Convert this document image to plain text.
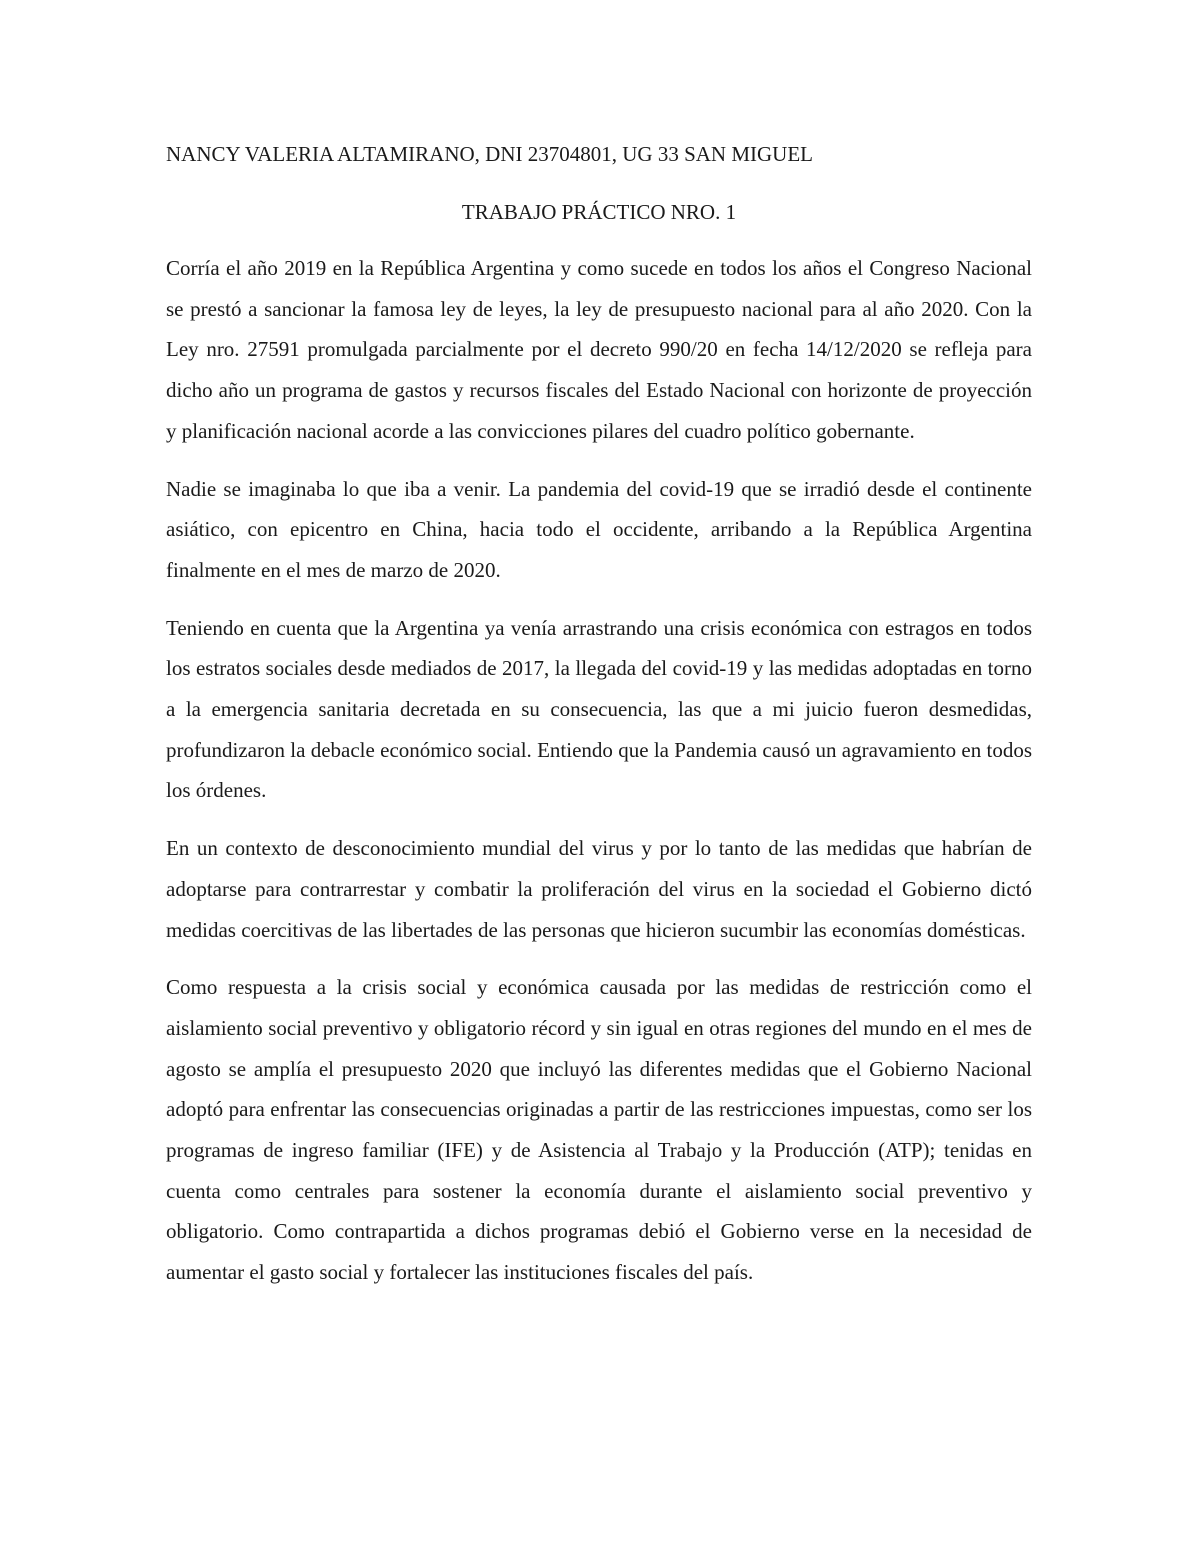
NANCY VALERIA ALTAMIRANO, DNI 23704801, UG 33 SAN MIGUEL

TRABAJO PRÁCTICO NRO. 1

Corría el año 2019 en la República Argentina y como sucede en todos los años el Congreso Nacional se prestó a sancionar la famosa ley de leyes, la ley de presupuesto nacional para al año 2020. Con la Ley nro. 27591 promulgada parcialmente por el decreto 990/20 en fecha 14/12/2020 se refleja para dicho año un programa de gastos y recursos fiscales del Estado Nacional con horizonte de proyección y planificación nacional acorde a las convicciones pilares del cuadro político gobernante.

Nadie se imaginaba lo que iba a venir. La pandemia del covid-19 que se irradió desde el continente asiático, con epicentro en China, hacia todo el occidente, arribando a la República Argentina finalmente en el mes de marzo de 2020.

Teniendo en cuenta que la Argentina ya venía arrastrando una crisis económica con estragos en todos los estratos sociales desde mediados de 2017, la llegada del covid-19 y las medidas adoptadas en torno a la emergencia sanitaria decretada en su consecuencia, las que a mi juicio fueron desmedidas, profundizaron la debacle económico social. Entiendo que la Pandemia causó un agravamiento en todos los órdenes.

En un contexto de desconocimiento mundial del virus y por lo tanto de las medidas que habrían de adoptarse para contrarrestar y combatir la proliferación del virus en la sociedad el Gobierno dictó medidas coercitivas de las libertades de las personas que hicieron sucumbir las economías domésticas.

Como respuesta a la crisis social y económica causada por las medidas de restricción como el aislamiento social preventivo y obligatorio récord y sin igual en otras regiones del mundo en el mes de agosto se amplía el presupuesto 2020 que incluyó las diferentes medidas que el Gobierno Nacional adoptó para enfrentar las consecuencias originadas a partir de las restricciones impuestas, como ser los programas de ingreso familiar (IFE) y de Asistencia al Trabajo y la Producción (ATP); tenidas en cuenta como centrales para sostener la economía durante el aislamiento social preventivo y obligatorio. Como contrapartida a dichos programas debió el Gobierno verse en la necesidad de aumentar el gasto social y fortalecer las instituciones fiscales del país.
